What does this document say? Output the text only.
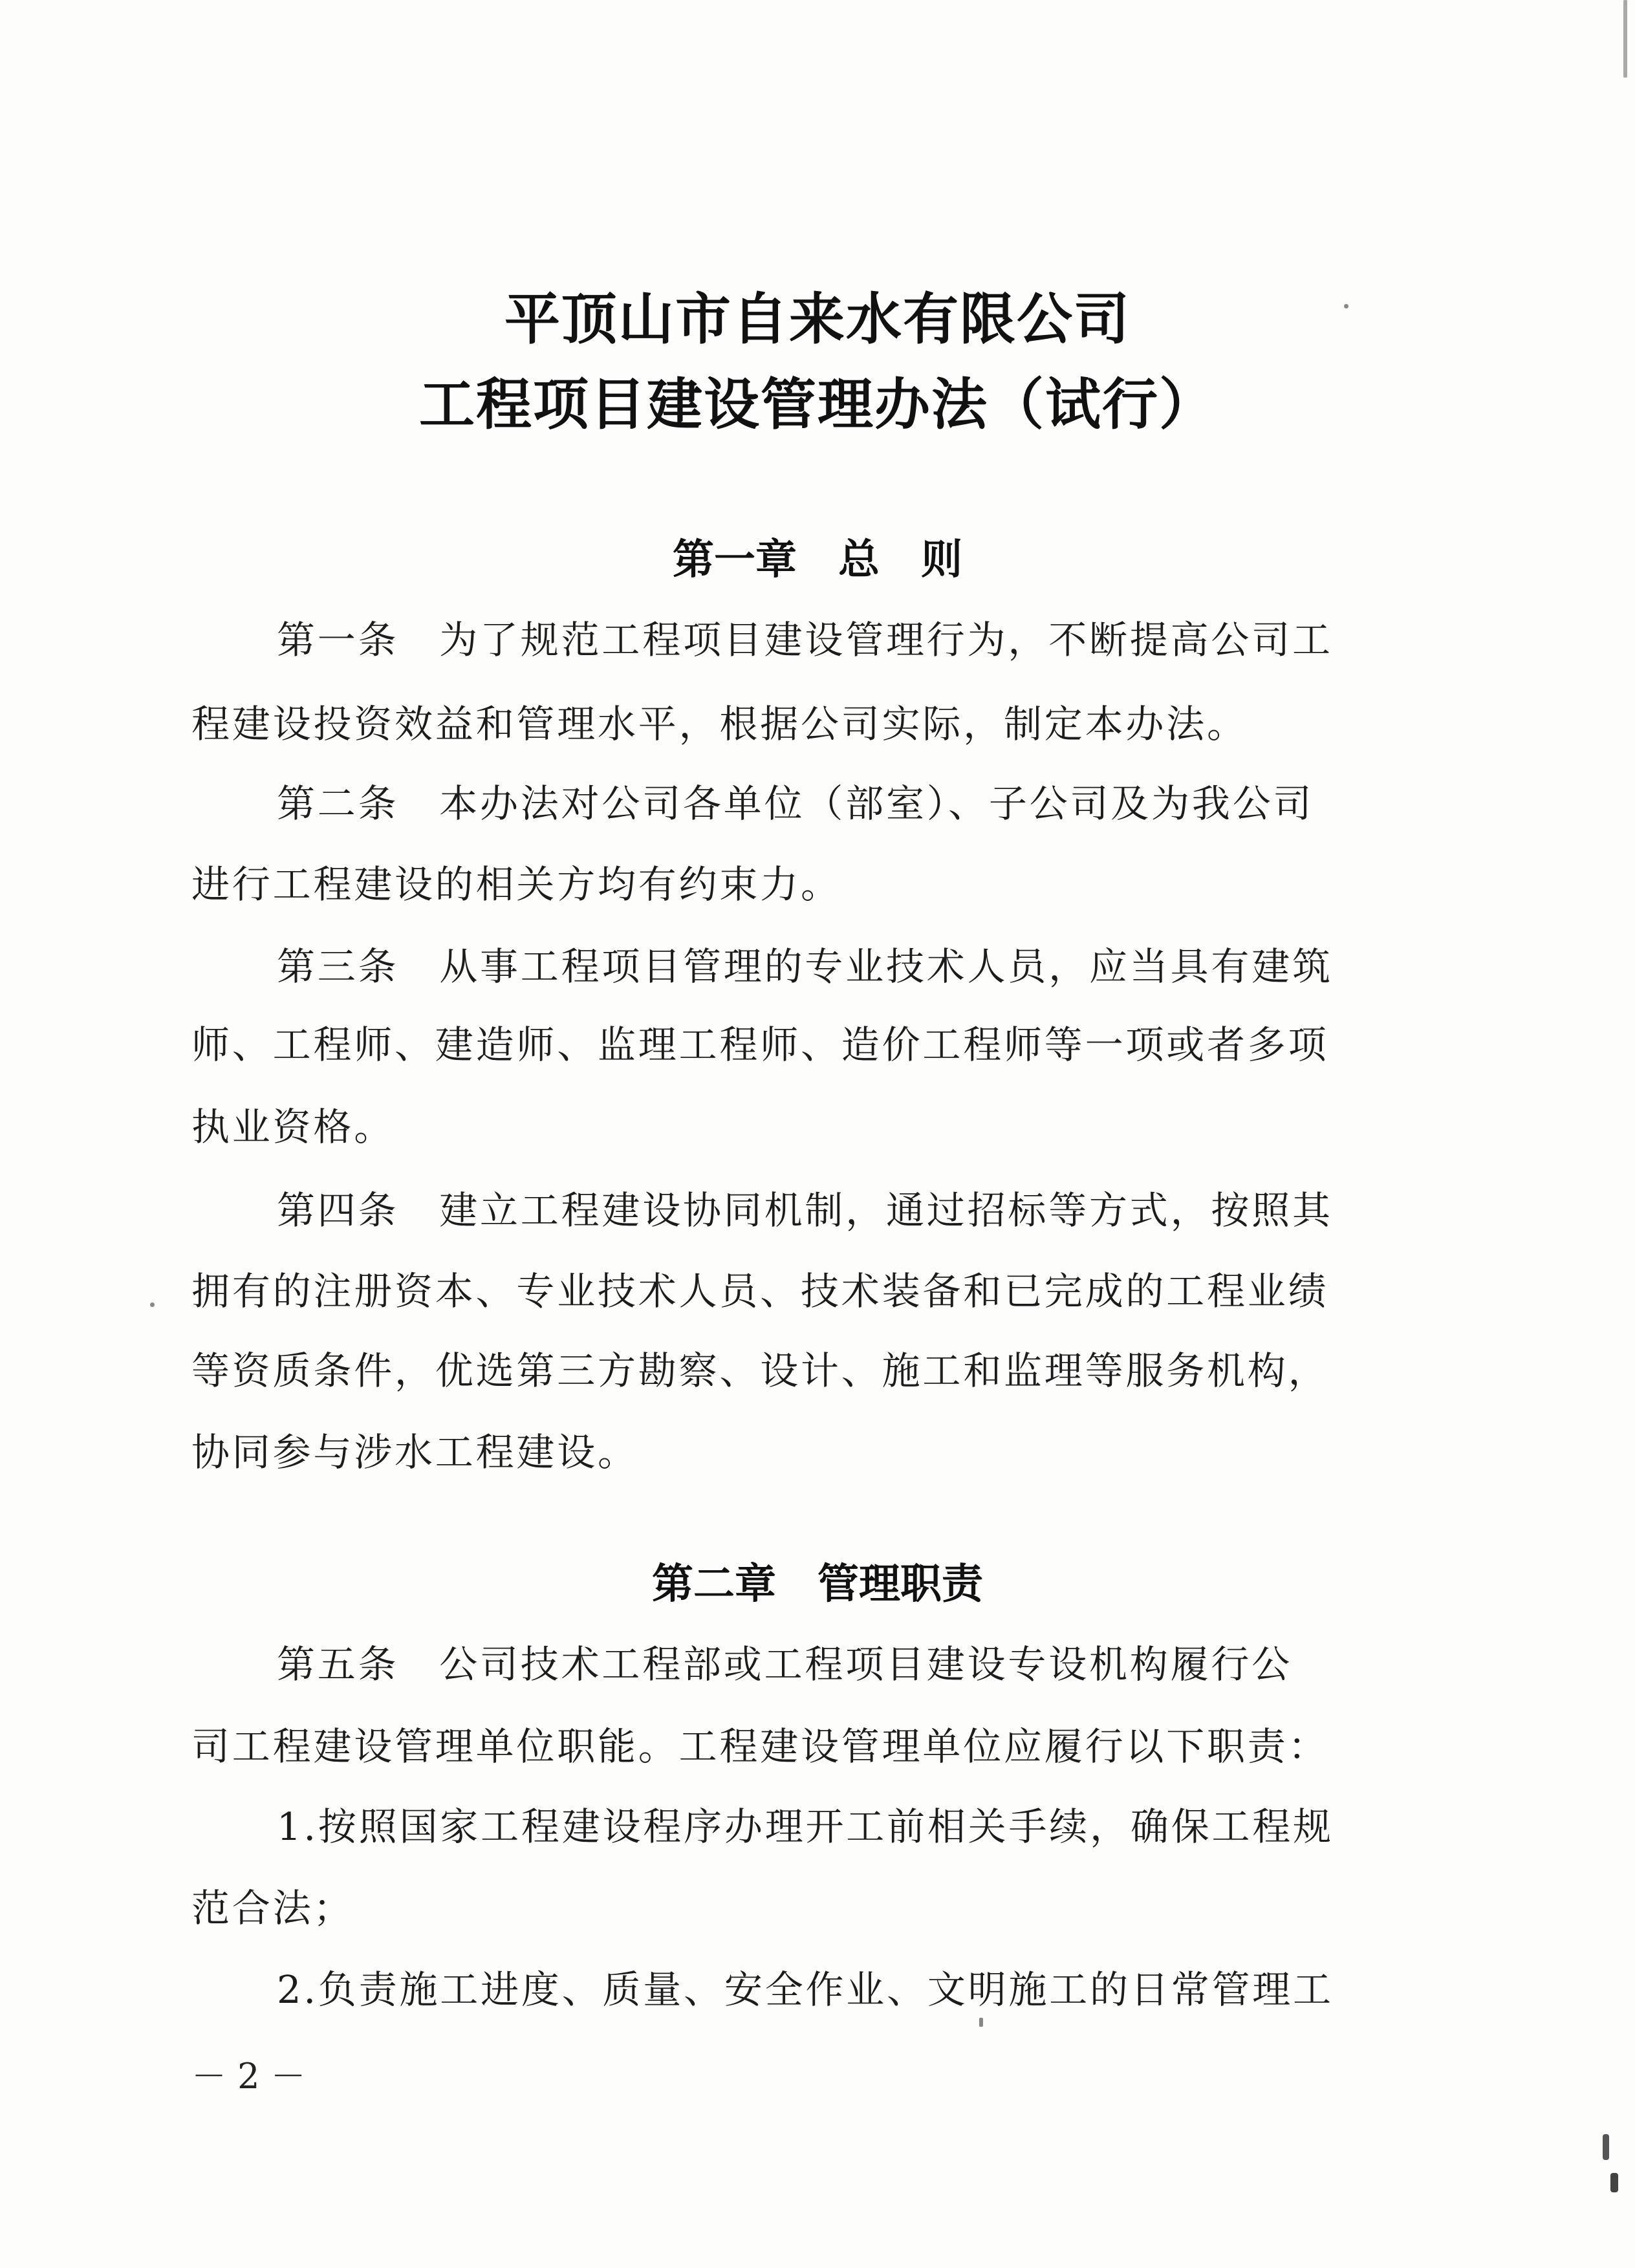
平顶山市自来水有限公司
工程项目建设管理办法（试行）
第一章　总　则
第一条　为了规范工程项目建设管理行为，不断提高公司工
程建设投资效益和管理水平，根据公司实际，制定本办法。
第二条　本办法对公司各单位（部室）、子公司及为我公司
进行工程建设的相关方均有约束力。
第三条　从事工程项目管理的专业技术人员，应当具有建筑
师、工程师、建造师、监理工程师、造价工程师等一项或者多项
执业资格。
第四条　建立工程建设协同机制，通过招标等方式，按照其
拥有的注册资本、专业技术人员、技术装备和已完成的工程业绩
等资质条件，优选第三方勘察、设计、施工和监理等服务机构，
协同参与涉水工程建设。
第二章　管理职责
第五条　公司技术工程部或工程项目建设专设机构履行公
司工程建设管理单位职能。工程建设管理单位应履行以下职责：
1.按照国家工程建设程序办理开工前相关手续，确保工程规
范合法；
2.负责施工进度、质量、安全作业、文明施工的日常管理工
－ 2 －
